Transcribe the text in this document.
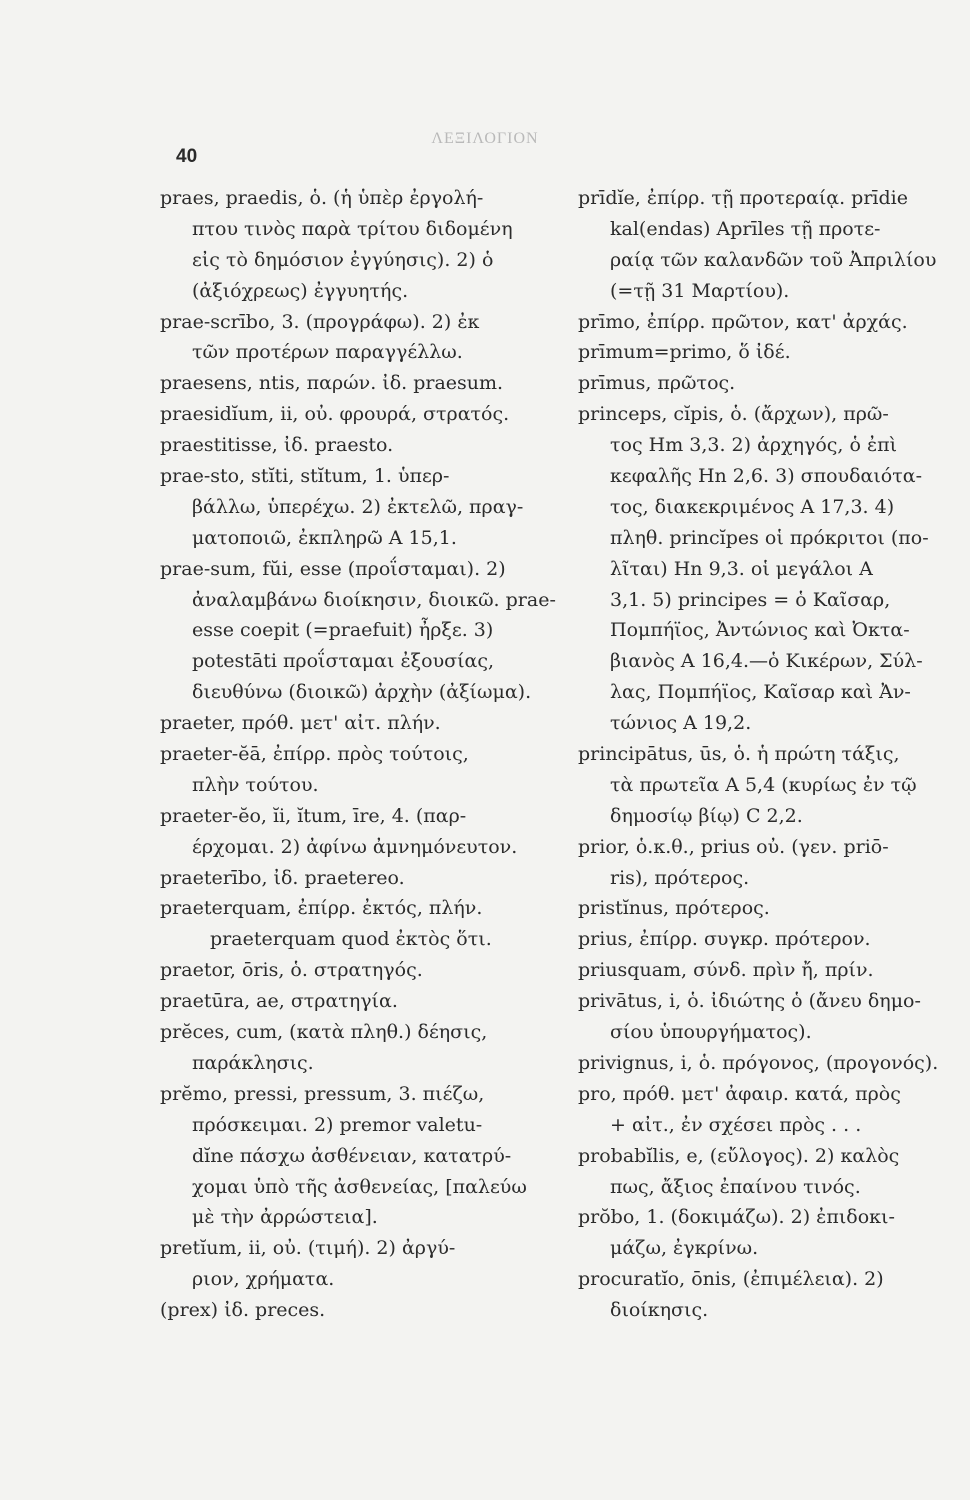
40
ΛΕΞΙΛΟΓΙΟΝ
praes, praedis, ὁ. (ἡ ὑπὲρ ἐργολή-
πτου τινὸς παρὰ τρίτου διδομένη
εἰς τὸ δημόσιον ἐγγύησις). 2) ὁ
(ἀξιόχρεως) ἐγγυητής.
prae-scrībo, 3. (προγράφω). 2) ἐκ
τῶν προτέρων παραγγέλλω.
praesens, ntis, παρών. ἰδ. praesum.
praesidĭum, ii, οὐ. φρουρά, στρατός.
praestitisse, ἰδ. praesto.
prae-sto, stĭti, stĭtum, 1. ὑπερ-
βάλλω, ὑπερέχω. 2) ἐκτελῶ, πραγ-
ματοποιῶ, ἐκπληρῶ A 15,1.
prae-sum, fŭi, esse (προΐσταμαι). 2)
ἀναλαμβάνω διοίκησιν, διοικῶ. prae-
esse coepit (=praefuit) ἦρξε. 3)
potestāti προΐσταμαι ἐξουσίας,
διευθύνω (διοικῶ) ἀρχὴν (ἀξίωμα).
praeter, πρόθ. μετ' αἰτ. πλήν.
praeter-ĕā, ἐπίρρ. πρὸς τούτοις,
πλὴν τούτου.
praeter-ĕo, ĭi, ĭtum, īre, 4. (παρ-
έρχομαι. 2) ἀφίνω ἀμνημόνευτον.
praeterībo, ἰδ. praetereo.
praeterquam, ἐπίρρ. ἐκτός, πλήν.
praeterquam quod ἐκτὸς ὅτι.
praetor, ōris, ὁ. στρατηγός.
praetūra, ae, στρατηγία.
prĕces, cum, (κατὰ πληθ.) δέησις,
παράκλησις.
prĕmo, pressi, pressum, 3. πιέζω,
πρόσκειμαι. 2) premor valetu-
dĭne πάσχω ἀσθένειαν, κατατρύ-
χομαι ὑπὸ τῆς ἀσθενείας, [παλεύω
μὲ τὴν ἀρρώστεια].
pretĭum, ii, οὐ. (τιμή). 2) ἀργύ-
ριον, χρήματα.
(prex) ἰδ. preces.
prīdĭe, ἐπίρρ. τῇ προτεραίᾳ. prīdie
kal(endas) Aprīles τῇ προτε-
ραίᾳ τῶν καλανδῶν τοῦ Ἀπριλίου
(=τῇ 31 Μαρτίου).
prīmo, ἐπίρρ. πρῶτον, κατ' ἀρχάς.
prīmum=primo, ὅ ἰδέ.
prīmus, πρῶτος.
princeps, cĭpis, ὁ. (ἄρχων), πρῶ-
τος Hm 3,3. 2) ἀρχηγός, ὁ ἐπὶ
κεφαλῆς Hn 2,6. 3) σπουδαιότα-
τος, διακεκριμένος A 17,3. 4)
πληθ. princĭpes οἱ πρόκριτοι (πο-
λῖται) Hn 9,3. οἱ μεγάλοι A
3,1. 5) principes = ὁ Καῖσαρ,
Πομπήϊος, Ἀντώνιος καὶ Ὀκτα-
βιανὸς A 16,4.—ὁ Κικέρων, Σύλ-
λας, Πομπήϊος, Καῖσαρ καὶ Ἀν-
τώνιος A 19,2.
principātus, ūs, ὁ. ἡ πρώτη τάξις,
τὰ πρωτεῖα A 5,4 (κυρίως ἐν τῷ
δημοσίῳ βίῳ) C 2,2.
prior, ὁ.κ.θ., prius οὐ. (γεν. priō-
ris), πρότερος.
pristĭnus, πρότερος.
prius, ἐπίρρ. συγκρ. πρότερον.
priusquam, σύνδ. πρὶν ἤ, πρίν.
privātus, i, ὁ. ἰδιώτης ὁ (ἄνευ δημο-
σίου ὑπουργήματος).
privignus, i, ὁ. πρόγονος, (προγονός).
pro, πρόθ. μετ' ἀφαιρ. κατά, πρὸς
+ αἰτ., ἐν σχέσει πρὸς . . .
probabĭlis, e, (εὔλογος). 2) καλὸς
πως, ἄξιος ἐπαίνου τινός.
prŏbo, 1. (δοκιμάζω). 2) ἐπιδοκι-
μάζω, ἐγκρίνω.
procuratĭo, ōnis, (ἐπιμέλεια). 2)
διοίκησις.
